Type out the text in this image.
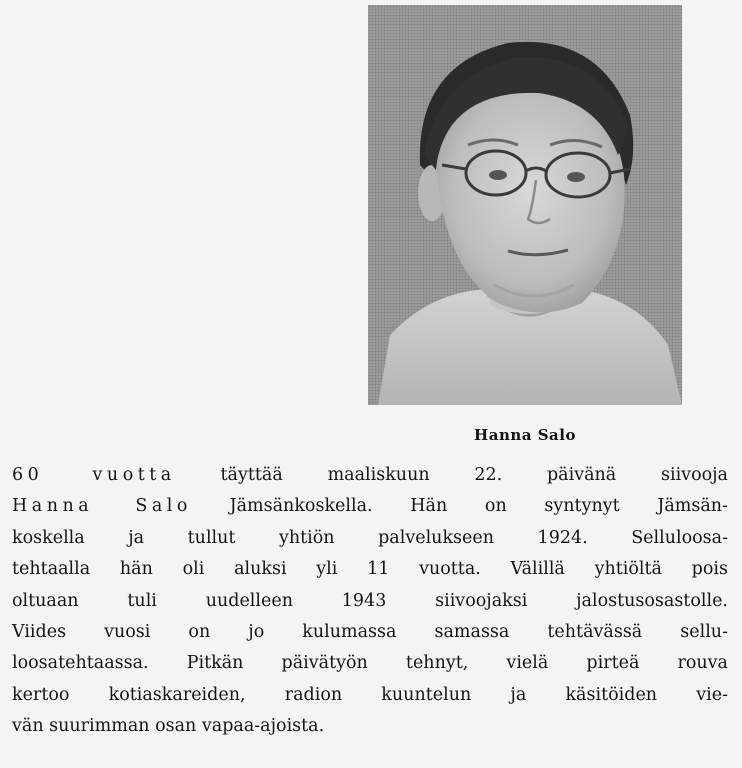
Hanna Salo
60 vuotta	täyttää maaliskuun 22. päivänä siivooja
Hanna Salo Jämsänkoskella. Hän on syntynyt Jämsän-
koskella ja tullut yhtiön palvelukseen 1924. Selluloosa-
tehtaalla hän oli aluksi yli 11 vuotta. Välillä yhtiöltä pois
oltuaan tuli uudelleen 1943 siivoojaksi jalostusosastolle.
Viides vuosi on jo kulumassa samassa tehtävässä sellu-
loosatehtaassa. Pitkän päivätyön tehnyt, vielä pirteä rouva
kertoo kotiaskareiden, radion kuuntelun ja käsitöiden vie-
vän suurimman osan vapaa-ajoista.
